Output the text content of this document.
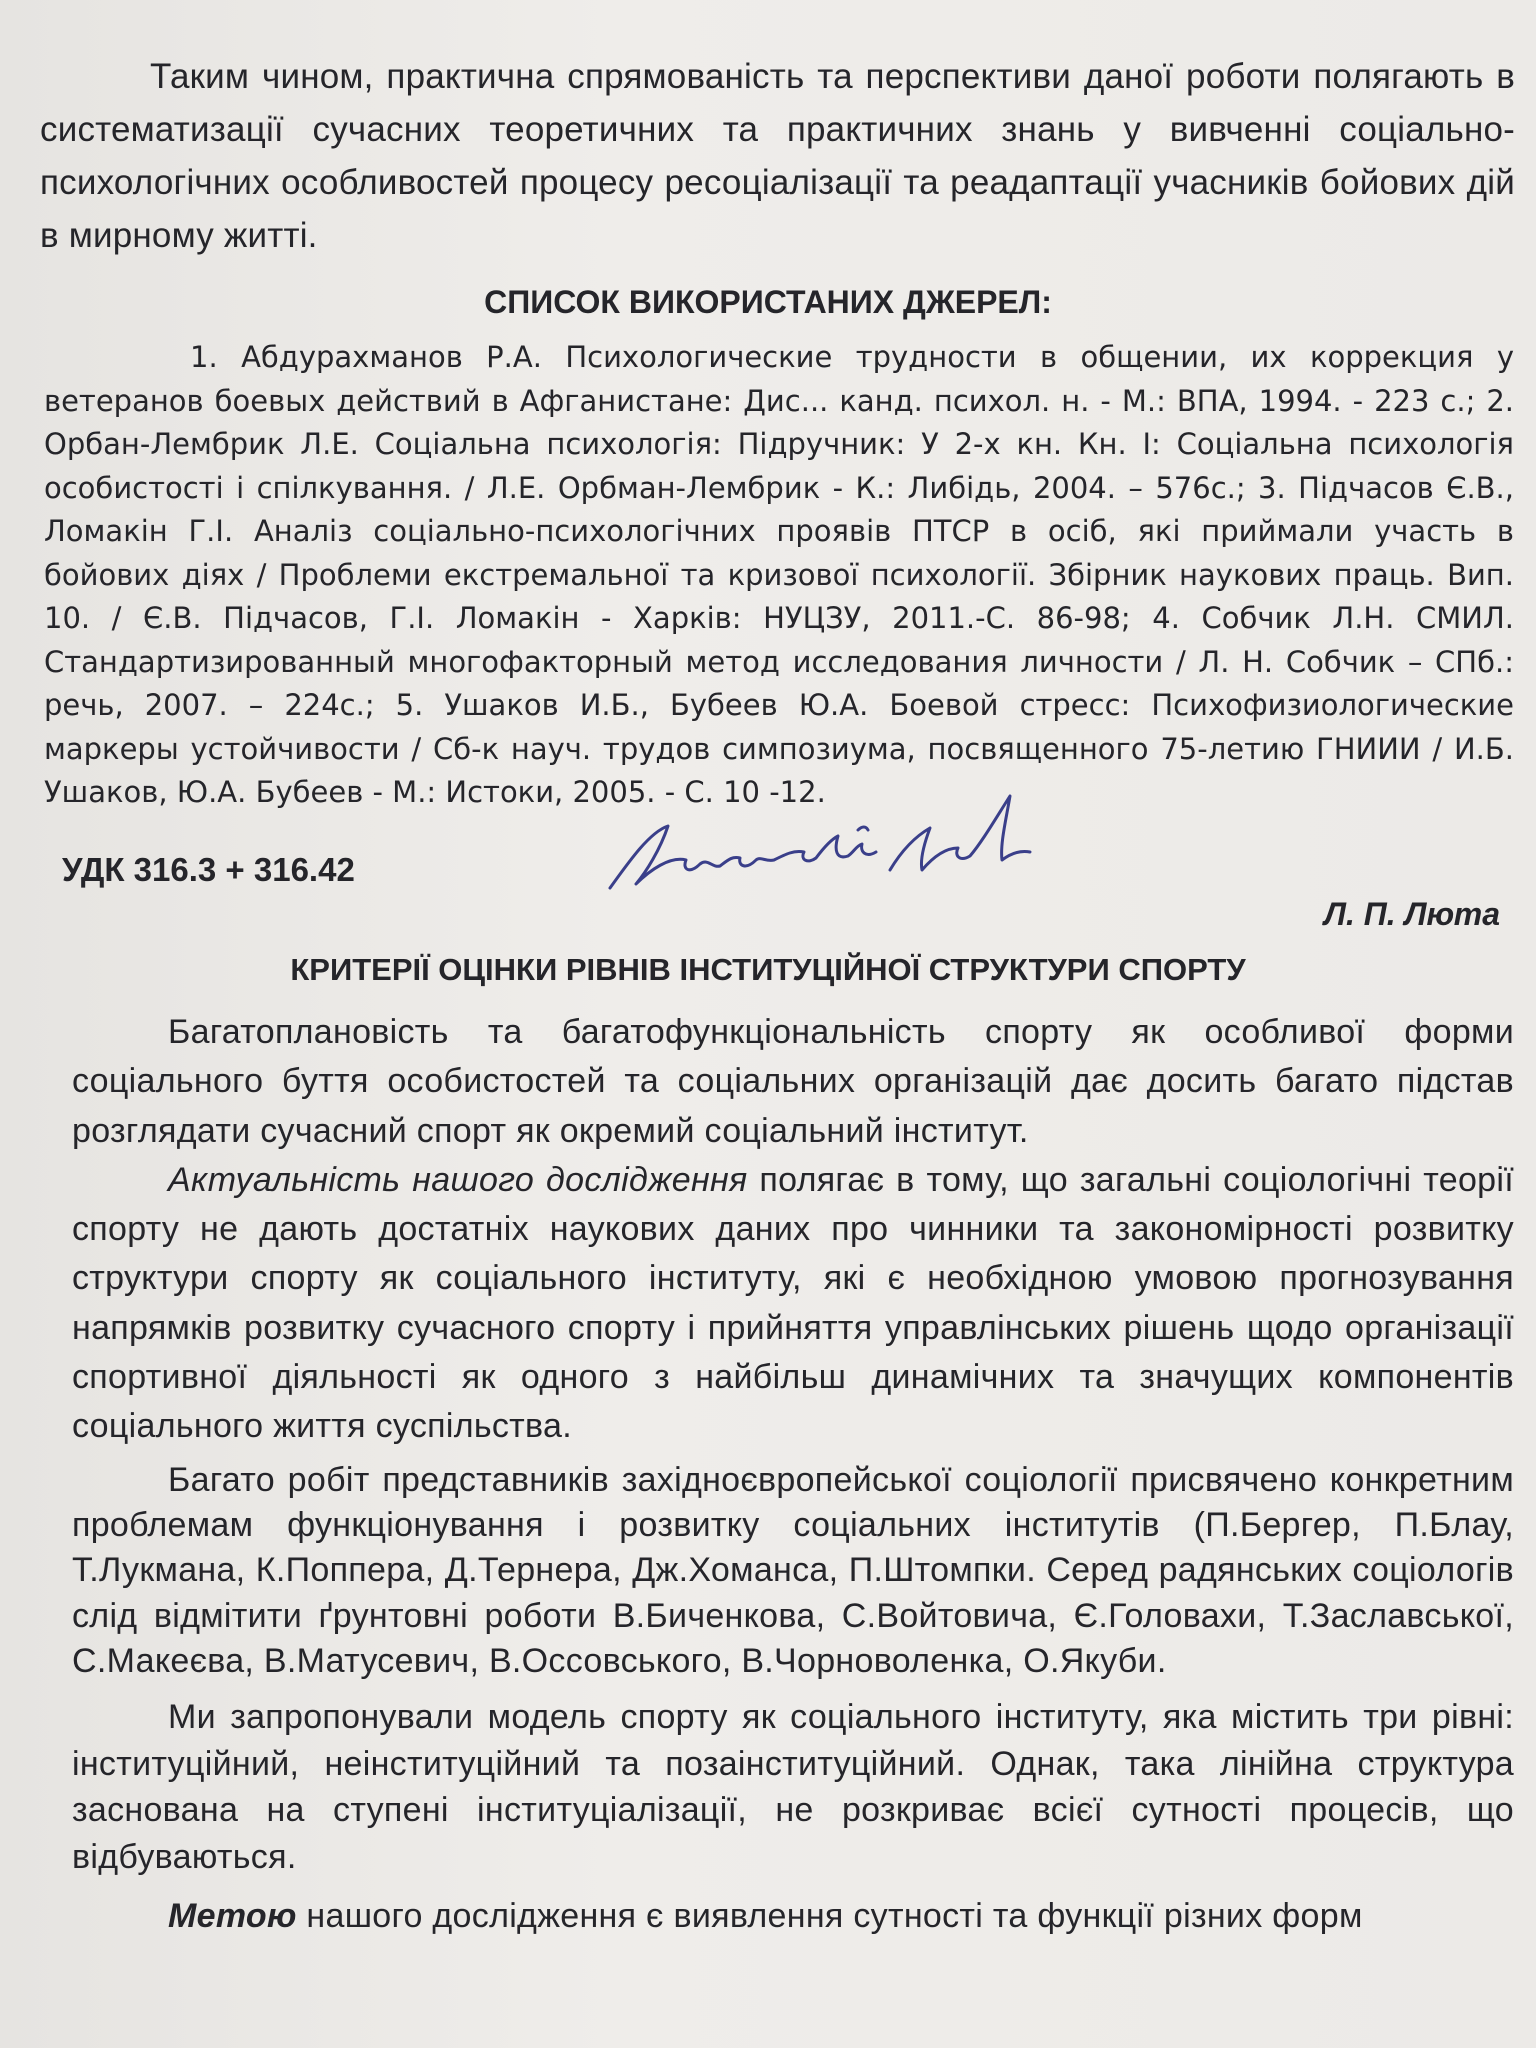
Таким чином, практична спрямованість та перспективи даної роботи полягають в систематизації сучасних теоретичних та практичних знань у вивченні соціально-психологічних особливостей процесу ресоціалізації та реадаптації учасників бойових дій в мирному житті.

СПИСОК ВИКОРИСТАНИХ ДЖЕРЕЛ:

1. Абдурахманов Р.А. Психологические трудности в общении, их коррекция у ветеранов боевых действий в Афганистане: Дис... канд. психол. н. - М.: ВПА, 1994. - 223 с.; 2. Орбан-Лембрик Л.Е. Соціальна психологія: Підручник: У 2-х кн. Кн. І: Соціальна психологія особистості і спілкування. / Л.Е. Орбман-Лембрик - К.: Либідь, 2004. – 576с.; 3. Підчасов Є.В., Ломакін Г.І. Аналіз соціально-психологічних проявів ПТСР в осіб, які приймали участь в бойових діях / Проблеми екстремальної та кризової психології. Збірник наукових праць. Вип. 10. / Є.В. Підчасов, Г.І. Ломакін - Харків: НУЦЗУ, 2011.-С. 86-98; 4. Собчик Л.Н. СМИЛ. Стандартизированный многофакторный метод исследования личности / Л. Н. Собчик – СПб.: речь, 2007. – 224с.; 5. Ушаков И.Б., Бубеев Ю.А. Боевой стресс: Психофизиологические маркеры устойчивости / Сб-к науч. трудов симпозиума, посвященного 75-летию ГНИИИ / И.Б. Ушаков, Ю.А. Бубеев - М.: Истоки, 2005. - С. 10 -12.

УДК 316.3 + 316.42
Л. П. Люта
КРИТЕРІЇ ОЦІНКИ РІВНІВ ІНСТИТУЦІЙНОЇ СТРУКТУРИ СПОРТУ

Багатоплановість та багатофункціональність спорту як особливої форми соціального буття особистостей та соціальних організацій дає досить багато підстав розглядати сучасний спорт як окремий соціальний інститут.

Актуальність нашого дослідження полягає в тому, що загальні соціологічні теорії спорту не дають достатніх наукових даних про чинники та закономірності розвитку структури спорту як соціального інституту, які є необхідною умовою прогнозування напрямків розвитку сучасного спорту і прийняття управлінських рішень щодо організації спортивної діяльності як одного з найбільш динамічних та значущих компонентів соціального життя суспільства.

Багато робіт представників західноєвропейської соціології присвячено конкретним проблемам функціонування і розвитку соціальних інститутів (П.Бергер, П.Блау, Т.Лукмана, К.Поппера, Д.Тернера, Дж.Хоманса, П.Штомпки. Серед радянських соціологів слід відмітити ґрунтовні роботи В.Биченкова, С.Войтовича, Є.Головахи, Т.Заславської, С.Макеєва, В.Матусевич, В.Оссовського, В.Чорноволенка, О.Якуби.

Ми запропонували модель спорту як соціального інституту, яка містить три рівні: інституційний, неінституційний та позаінституційний. Однак, така лінійна структура заснована на ступені інституціалізації, не розкриває всієї сутності процесів, що відбуваються.

Метою нашого дослідження є виявлення сутності та функції різних форм
